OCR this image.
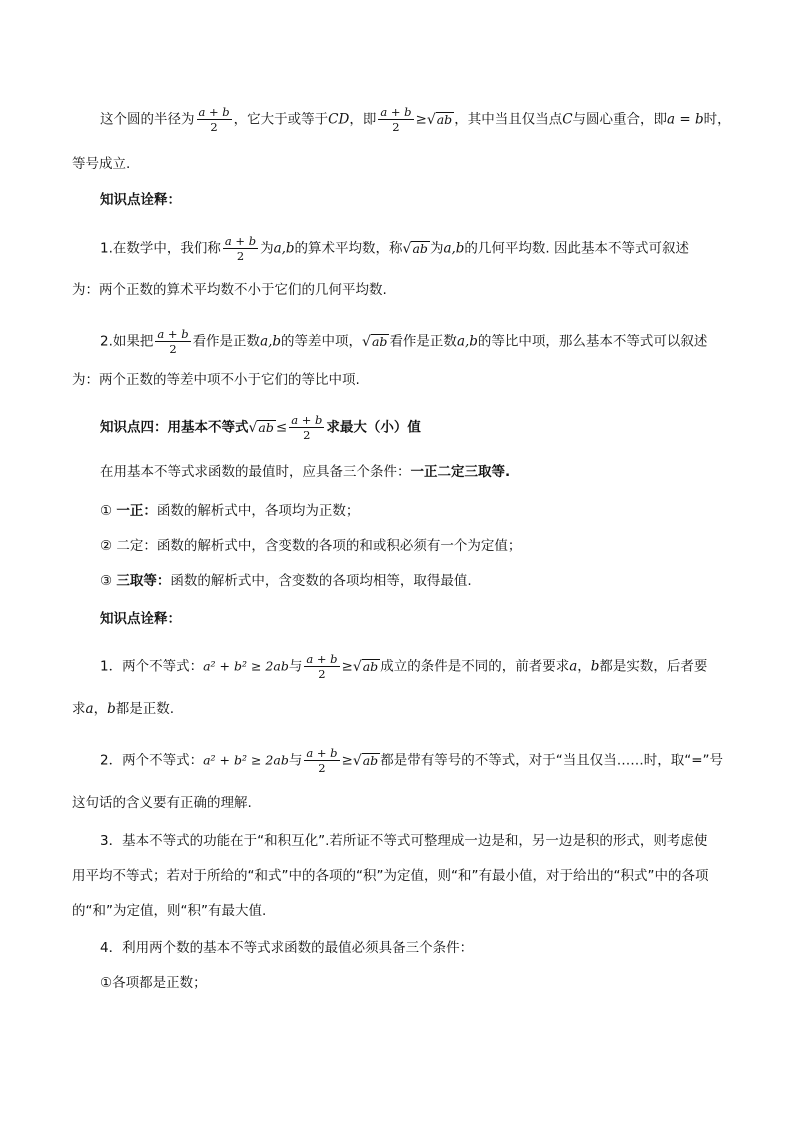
这个圆的半径为 $\frac{a + b}{2}$ ，它大于或等于CD，即 $\frac{a + b}{2} \ge√ab$ ，其中当且仅当点C与圆心重合，即a = b时，
等号成立.
知识点诠释：
1.在数学中，我们称 $\frac{a + b}{2}$ 为a,b的算术平均数，称√ab 为a,b的几何平均数. 因此基本不等式可叙述
为：两个正数的算术平均数不小于它们的几何平均数.
2.如果把 $\frac{a + b}{2}$ 看作是正数a,b的等差中项，√ab 看作是正数a,b的等比中项，那么基本不等式可以叙述
为：两个正数的等差中项不小于它们的等比中项.
知识点四：用基本不等式$√ab \le \frac{a + b}{2}$ 求最大（小）值
在用基本不等式求函数的最值时，应具备三个条件：一正二定三取等.
① 一正：函数的解析式中，各项均为正数；
② 二定：函数的解析式中，含变数的各项的和或积必须有一个为定值；
③ 三取等：函数的解析式中，含变数的各项均相等，取得最值.
知识点诠释：
1．两个不等式：a² + b² ≥ 2ab与 $\frac{a + b}{2} \ge√ab$ 成立的条件是不同的，前者要求a，b都是实数，后者要
求a，b都是正数.
2．两个不等式：a² + b² ≥ 2ab与 $\frac{a + b}{2} \ge√ab$ 都是带有等号的不等式，对于“当且仅当……时，取“=”号
这句话的含义要有正确的理解.
3．基本不等式的功能在于“和积互化”.若所证不等式可整理成一边是和，另一边是积的形式，则考虑使
用平均不等式；若对于所给的“和式”中的各项的“积”为定值，则“和”有最小值，对于给出的“积式”中的各项
的“和”为定值，则“积”有最大值.
4．利用两个数的基本不等式求函数的最值必须具备三个条件：
①各项都是正数；
